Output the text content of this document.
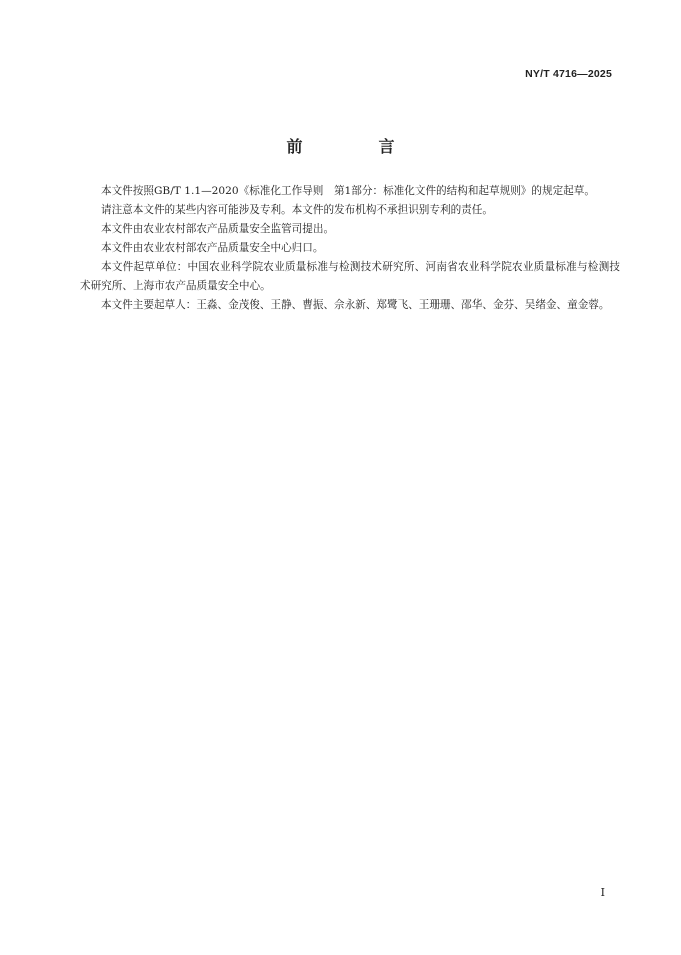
NY/T 4716—2025
前　言

本文件按照GB/T 1.1—2020《标准化工作导则　第1部分：标准化文件的结构和起草规则》的规定起草。

请注意本文件的某些内容可能涉及专利。本文件的发布机构不承担识别专利的责任。

本文件由农业农村部农产品质量安全监管司提出。

本文件由农业农村部农产品质量安全中心归口。

本文件起草单位：中国农业科学院农业质量标准与检测技术研究所、河南省农业科学院农业质量标准与检测技术研究所、上海市农产品质量安全中心。

本文件主要起草人：王淼、金茂俊、王静、曹振、佘永新、郑鹭飞、王珊珊、邵华、金芬、吴绪金、童金蓉。

I
